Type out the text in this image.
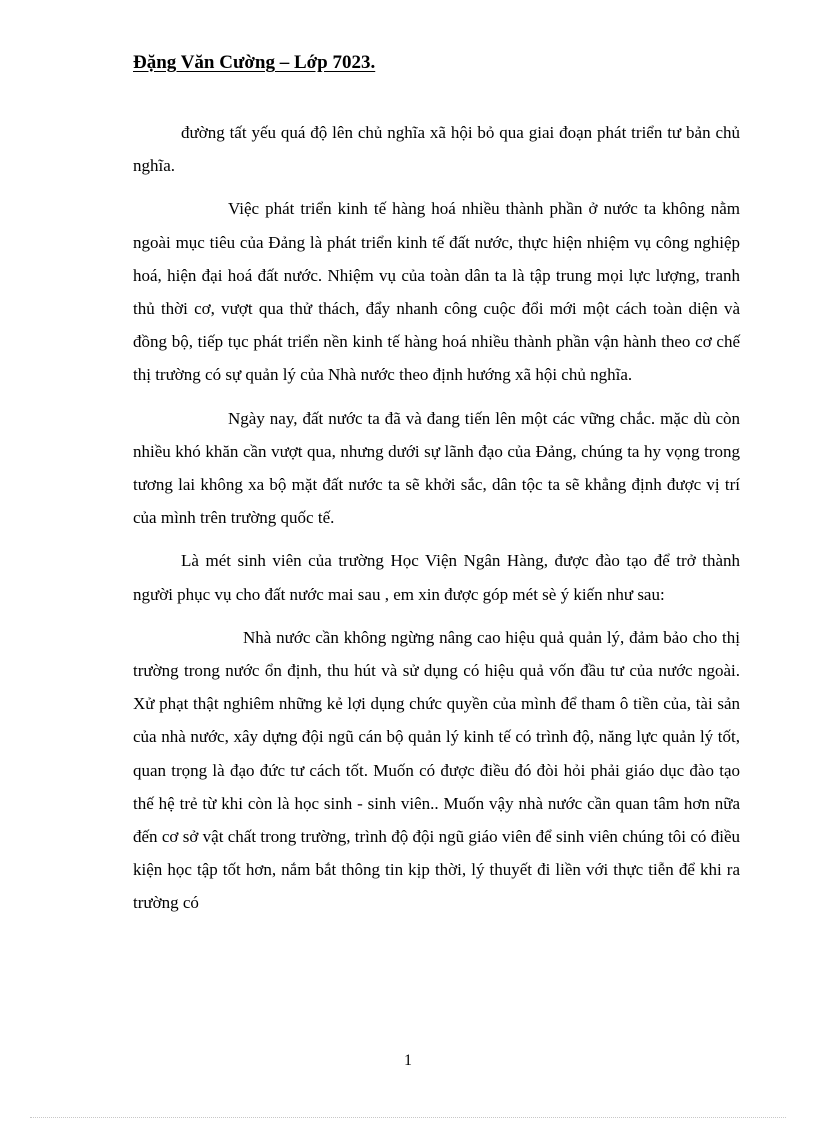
Đặng Văn Cường – Lớp 7023.

đường tất yếu quá độ lên chủ nghĩa xã hội bỏ qua giai đoạn phát triển tư bản chủ nghĩa.

Việc phát triển kinh tế hàng hoá nhiều thành phần ở nước ta không nằm ngoài mục tiêu của Đảng là phát triển kinh tế đất nước, thực hiện nhiệm vụ công nghiệp hoá, hiện đại hoá đất nước. Nhiệm vụ của toàn dân ta là tập trung mọi lực lượng, tranh thủ thời cơ, vượt qua thử thách, đẩy nhanh công cuộc đổi mới một cách toàn diện và đồng bộ, tiếp tục phát triển nền kinh tế hàng hoá nhiều thành phần vận hành theo cơ chế thị trường có sự quản lý của Nhà nước theo định hướng xã hội chủ nghĩa.

Ngày nay, đất nước ta đã và đang tiến lên một các vững chắc. mặc dù còn nhiều khó khăn cần vượt qua, nhưng dưới sự lãnh đạo của Đảng, chúng ta hy vọng trong tương lai không xa bộ mặt đất nước ta sẽ khởi sắc, dân tộc ta sẽ khẳng định được vị trí của mình trên trường quốc tế.

Là mét sinh viên của trường Học Viện Ngân Hàng, được đào tạo để trở thành người phục vụ cho đất nước mai sau , em xin được góp mét sè ý kiến như sau:

Nhà nước cần không ngừng nâng cao hiệu quả quản lý, đảm bảo cho thị trường trong nước ổn định, thu hút và sử dụng có hiệu quả vốn đầu tư của nước ngoài. Xử phạt thật nghiêm những kẻ lợi dụng chức quyền của mình để tham ô tiền của, tài sản của nhà nước, xây dựng đội ngũ cán bộ quản lý kinh tế có trình độ, năng lực quản lý tốt, quan trọng là đạo đức tư cách tốt. Muốn có được điều đó đòi hỏi phải giáo dục đào tạo thế hệ trẻ từ khi còn là học sinh - sinh viên.. Muốn vậy nhà nước cần quan tâm hơn nữa đến cơ sở vật chất trong trường, trình độ đội ngũ giáo viên để sinh viên chúng tôi có điều kiện học tập tốt hơn, nắm bắt thông tin kịp thời, lý thuyết đi liền với thực tiễn để khi ra trường có

1
